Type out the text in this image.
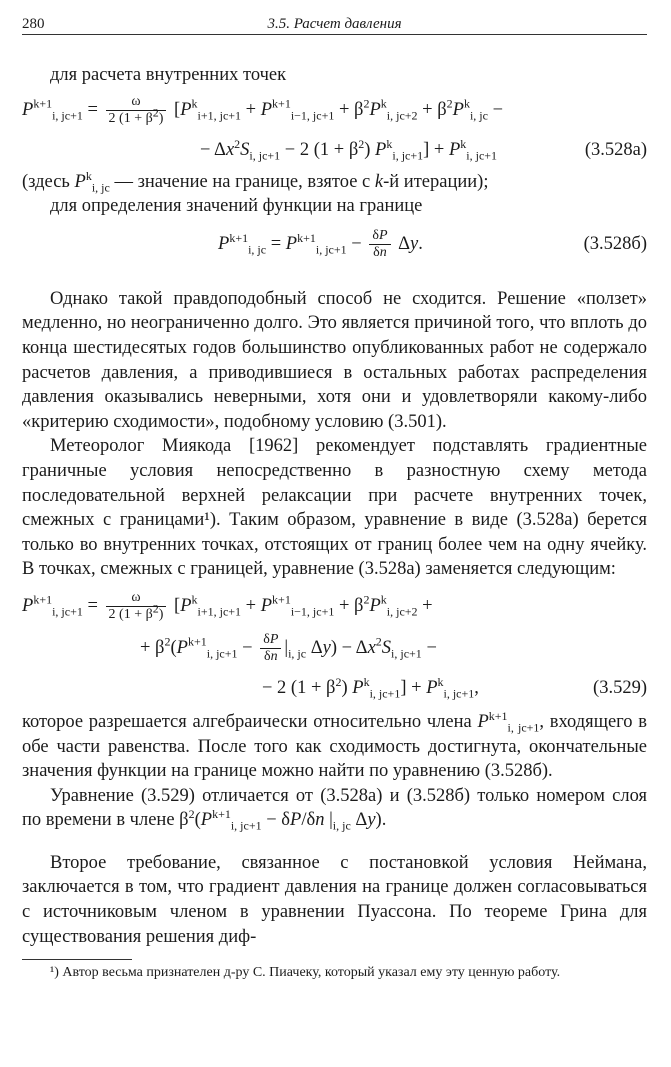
280	3.5. Расчет давления

для расчета внутренних точек

$P^{k+1}_{i, jc+1} = \frac{\omega}{2 (1 + \beta^2)} [P^k_{i+1, jc+1} + P^{k+1}_{i-1, jc+1} + \beta^2P^k_{i, jc+2} + \beta^2P^k_{i, jc}$ −
− $\Delta x^2S_{i, jc+1} - 2$ $(1 + \beta^2)$ $P^k_{i, jc+1}] + P^k_{i, jc+1}$	(3.528а)

(здесь $P^k_{i, jc}$ — значение на границе, взятое с k-й итерации);

для определения значений функции на границе

$P^{k+1}_{i, jc} = P^{k+1}_{i, jc+1} - \frac{\delta P}{\delta n} \Delta y$.	(3.528б)

Однако такой правдоподобный способ не сходится. Решение «ползет» медленно, но неограниченно долго. Это является причиной того, что вплоть до конца шестидесятых годов большинство опубликованных работ не содержало расчетов давления, а приводившиеся в остальных работах распределения давления оказывались неверными, хотя они и удовлетворяли какому-либо «критерию сходимости», подобному условию (3.501).

Метеоролог Миякода [1962] рекомендует подставлять градиентные граничные условия непосредственно в разностную схему метода последовательной верхней релаксации при расчете внутренних точек, смежных с границами¹). Таким образом, уравнение в виде (3.528а) берется только во внутренних точках, отстоящих от границ более чем на одну ячейку. В точках, смежных с границей, уравнение (3.528а) заменяется следующим:

$P^{k+1}_{i, jc+1} = \frac{\omega}{2 (1 + \beta^2)} [P^k_{i+1, jc+1} + P^{k+1}_{i-1, jc+1} + \beta^2P^k_{i, jc+2}$ +
+ $\beta^2(P^{k+1}_{i, jc+1} - \frac{\delta P}{\delta n} |_{i, jc}$ $\Delta y) - \Delta x^2S_{i, jc+1}$ −
− 2 $(1 + \beta^2)$ $P^k_{i, jc+1}] + P^k_{i, jc+1}$,	(3.529)

которое разрешается алгебраически относительно члена $P^{k+1}_{i, jc+1}$, входящего в обе части равенства. После того как сходимость достигнута, окончательные значения функции на границе можно найти по уравнению (3.528б).

Уравнение (3.529) отличается от (3.528а) и (3.528б) только номером слоя по времени в члене $\beta^2(P^{k+1}_{i, jc+1} - \delta P/\delta n$ $|_{i, jc}$ Δy).

Второе требование, связанное с постановкой условия Неймана, заключается в том, что градиент давления на границе должен согласовываться с источниковым членом в уравнении Пуассона. По теореме Грина для существования решения диф-

¹) Автор весьма признателен д-ру С. Пиачеку, который указал ему эту ценную работу.
